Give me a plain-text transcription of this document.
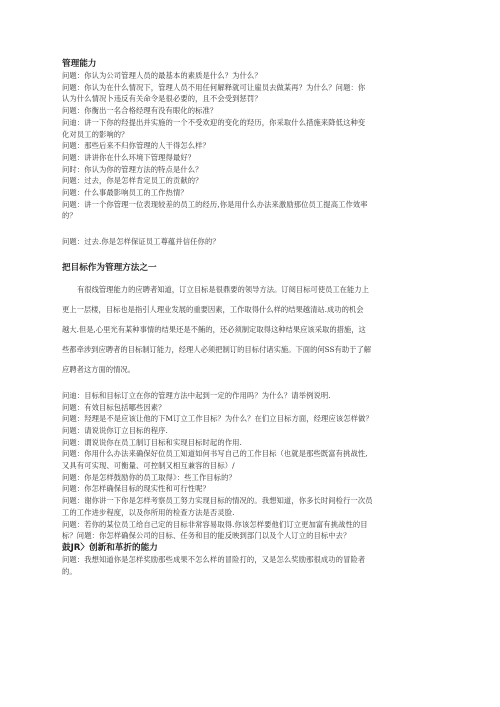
管理能力
问题：你认为公司管理人员的最基本的素质是什么？为什么？
问题：你认为在什么情况下，管理人员不用任何解释就可让雇员去做某再？为什么？问题：你
认为什么情况卜违反有关命令是很必要的，且不会受到惩罚？
问题：你衡出一名合格经理有没有眼化的标准？
问迪：讲一下你的羟提出并实施的一个不受欢迎的变化的羟历，你采取什么措施来降低这种变
化对员工的影响的？
问题：那些后来不归你管理的人干得怎么样？
问题：讲讲你在什么环境下管理得最好？
问时：你认为你的管理方法的特点是什么？
问题：过去，你是怎样肯定员工的贡献的？
问题：什么事最影响员工的工作热情？
问题：讲一个你管理一位表现较差的员工的经历,你是用什么办法来激励那位员工提高工作效率
的？
问题：过去.你是怎样保证员工尊蕴并信任你的？
把目标作为管理方法之一
有很线管理能力的应聘者知道，订立目标是很鼎要的领导方法。订阅目标可使员工在能力上
更上一层楼，目标也是指引人理业发展的重要因素，工作取得什么样的结果越清站.成功的机会
越大.但是,心里光有某种事情的结果还是不鮪的，还必须制定取得这种结果应该采取的措施，这
些都牵涉到应聘者的目标制订能力，经理人必须把制订的目标付诸实施。下面的何SS有助于了解
应聘者这方面的情况。
问迪：目标和目标订立在你的管理方法中起到一定的作用吗？为什么？请举例说明.
问题：有效目标包括哪些因素？
问题：羟理是不是应该让他的下M订立工作目标？为什么？在们立目标方面，经理应该怎样做？
问题：请说说你订立目标的程序.
问题：谓说说你在员工制订目标和实现目标时起的作用.
问题：你用什么办法来确保好位员工知道如何书写自己的工作目标（也就是那些既富有挑战性,
又具有可实现、可衡量、可控制又相互兼容的目标）/
问题：你是怎样鼓励你的员工取得》：些工作目标的？
问题：你怎样确保目标的现实性和可行性呢？
问题：谢你讲一下你是怎样考察员工努力实现目标的情况的。我想知道，你多长时间检行一次员
工的工作进步程度，以及你所用的检查方法是否灵脸.
问题：若你的某位员工给自己定的目标非常容易取得.你该怎样要他们订立更加富有挑战性的目
标？问题：你怎样确保公司的目标、任务和目的能反映到部门以及个人订立的目标中去？
鼓JR〉创新和革折的能力
问题：我想知道你是怎样奖励那些成果不怎么样的冒险打的，又是怎么奖励那很成功的冒险者
的。
